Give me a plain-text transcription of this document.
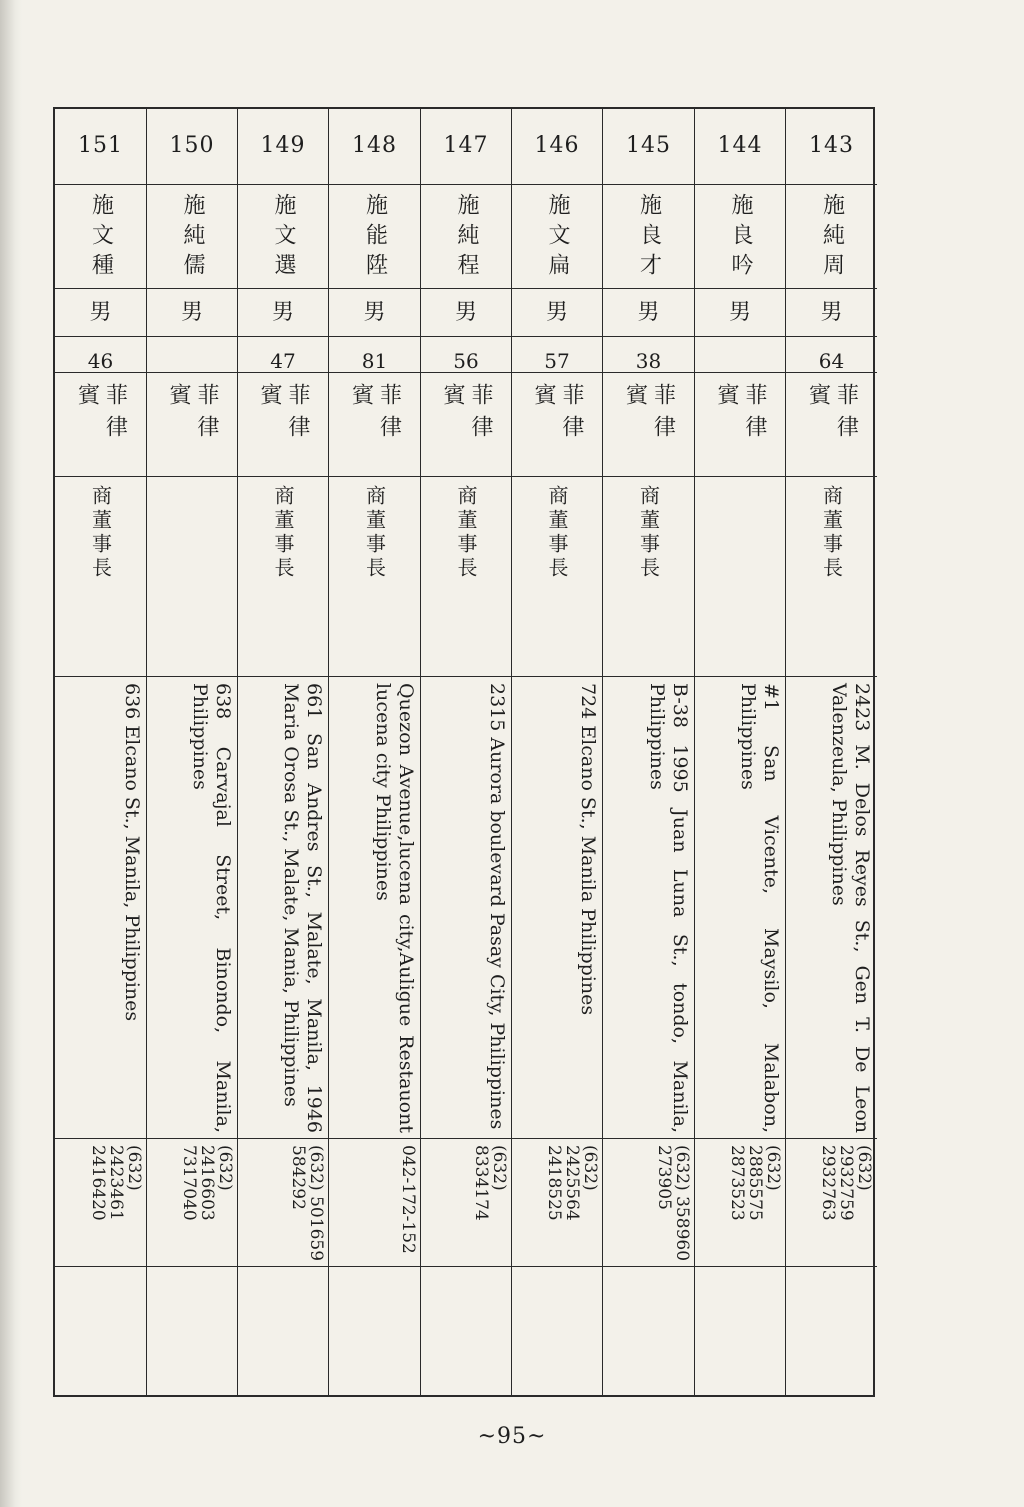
151
施文種
男
46
菲律賓
商董事長
636 Elcano St., Manila, Philippines
(632) 2423461 2416420
150
施純儒
男
菲律賓
638 Carvajal Street, Binondo, Manila, Philippines
(632) 2416603 7317040
149
施文選
男
47
菲律賓
商董事長
661 San Andres St., Malate, Manila, 1946 Maria Orosa St., Malate, Mania, Philippines
(632) 501659 584292
148
施能陞
男
81
菲律賓
商董事長
Quezon Avenue,lucena city,Auligue Restauont lucena city Philippines
042-172-152
147
施純程
男
56
菲律賓
商董事長
2315 Aurora boulevard Pasay City, Philippines
(632) 8334174
146
施文扁
男
57
菲律賓
商董事長
724 Elcano St., Manila Philippines
(632) 2425564 2418525
145
施良才
男
38
菲律賓
商董事長
B-38 1995 Juan Luna St., tondo, Manila, Philippines
(632) 358960 273905
144
施良吟
男
菲律賓
#1 San Vicente, Maysilo, Malabon, Philippines
(632) 2885575 2873523
143
施純周
男
64
菲律賓
商董事長
2423 M. Delos Reyes St., Gen T. De Leon Valenzeula, Philippines
(632) 2932759 2932763
~95~
